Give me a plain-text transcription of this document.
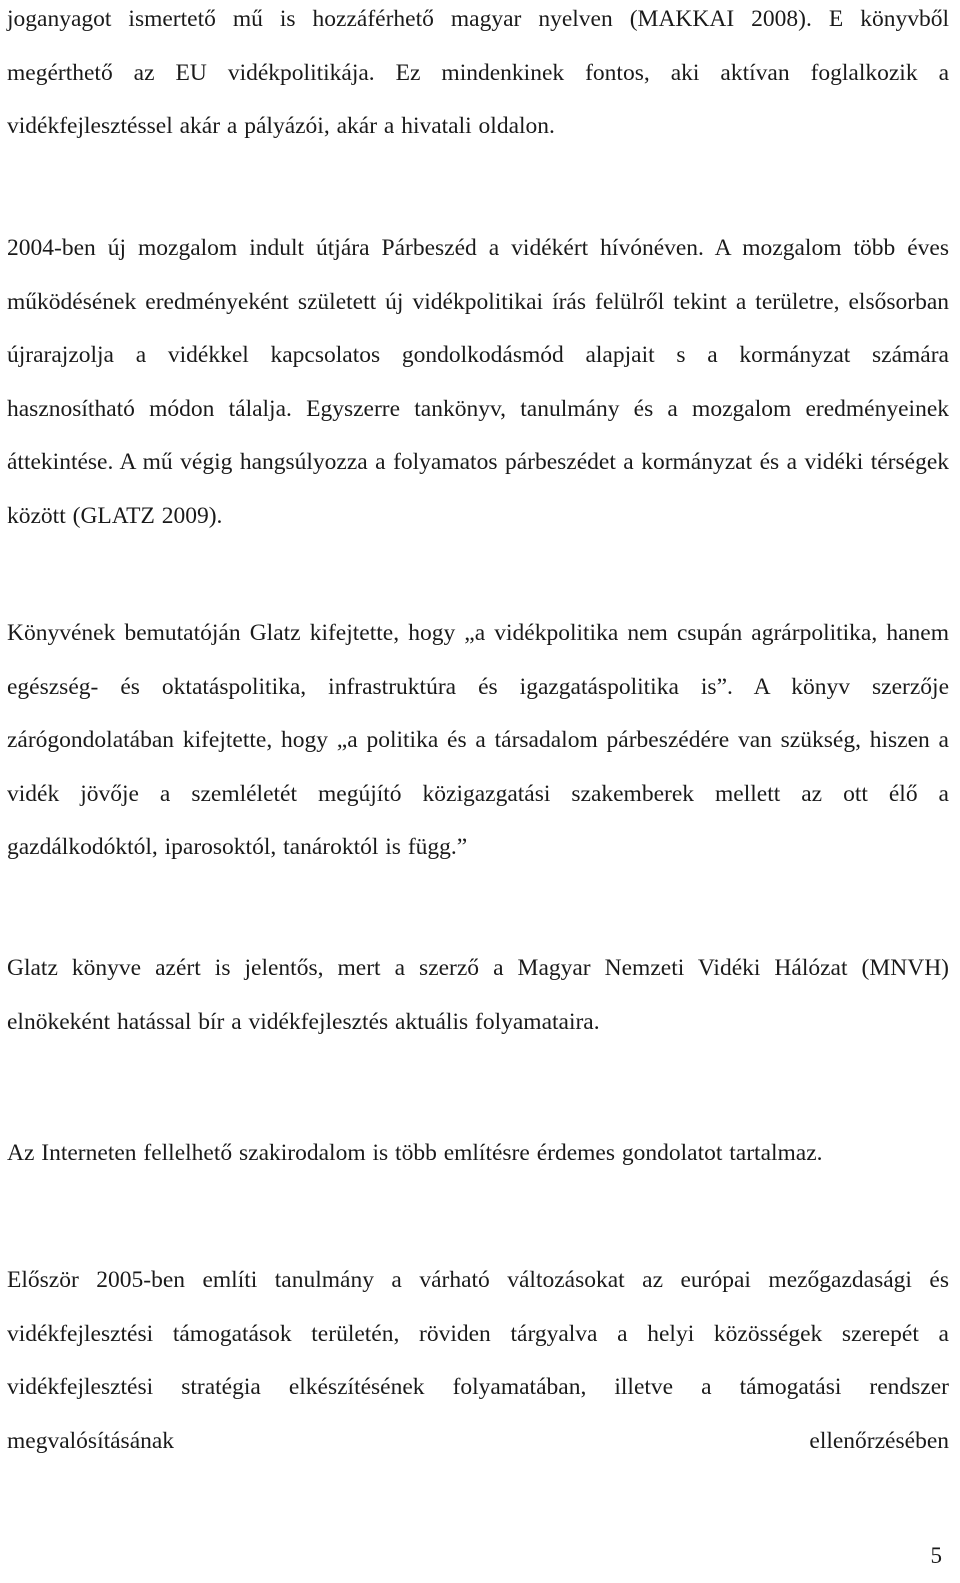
joganyagot ismertető mű is hozzáférhető magyar nyelven (MAKKAI 2008). E könyvből megérthető az EU vidékpolitikája. Ez mindenkinek fontos, aki aktívan foglalkozik a vidékfejlesztéssel akár a pályázói, akár a hivatali oldalon.

2004-ben új mozgalom indult útjára Párbeszéd a vidékért hívónéven. A mozgalom több éves működésének eredményeként született új vidékpolitikai írás felülről tekint a területre, elsősorban újrarajzolja a vidékkel kapcsolatos gondolkodásmód alapjait s a kormányzat számára hasznosítható módon tálalja. Egyszerre tankönyv, tanulmány és a mozgalom eredményeinek áttekintése. A mű végig hangsúlyozza a folyamatos párbeszédet a kormányzat és a vidéki térségek között (GLATZ 2009).

Könyvének bemutatóján Glatz kifejtette, hogy „a vidékpolitika nem csupán agrárpolitika, hanem egészség- és oktatáspolitika, infrastruktúra és igazgatáspolitika is”. A könyv szerzője zárógondolatában kifejtette, hogy „a politika és a társadalom párbeszédére van szükség, hiszen a vidék jövője a szemléletét megújító közigazgatási szakemberek mellett az ott élő a gazdálkodóktól, iparosoktól, tanároktól is függ.”

Glatz könyve azért is jelentős, mert a szerző a Magyar Nemzeti Vidéki Hálózat (MNVH) elnökeként hatással bír a vidékfejlesztés aktuális folyamataira.

Az Interneten fellelhető szakirodalom is több említésre érdemes gondolatot tartalmaz.

Először 2005-ben említi tanulmány a várható változásokat az európai mezőgazdasági és vidékfejlesztési támogatások területén, röviden tárgyalva a helyi közösségek szerepét a vidékfejlesztési stratégia elkészítésének folyamatában, illetve a támogatási rendszer megvalósításának ellenőrzésében

5
